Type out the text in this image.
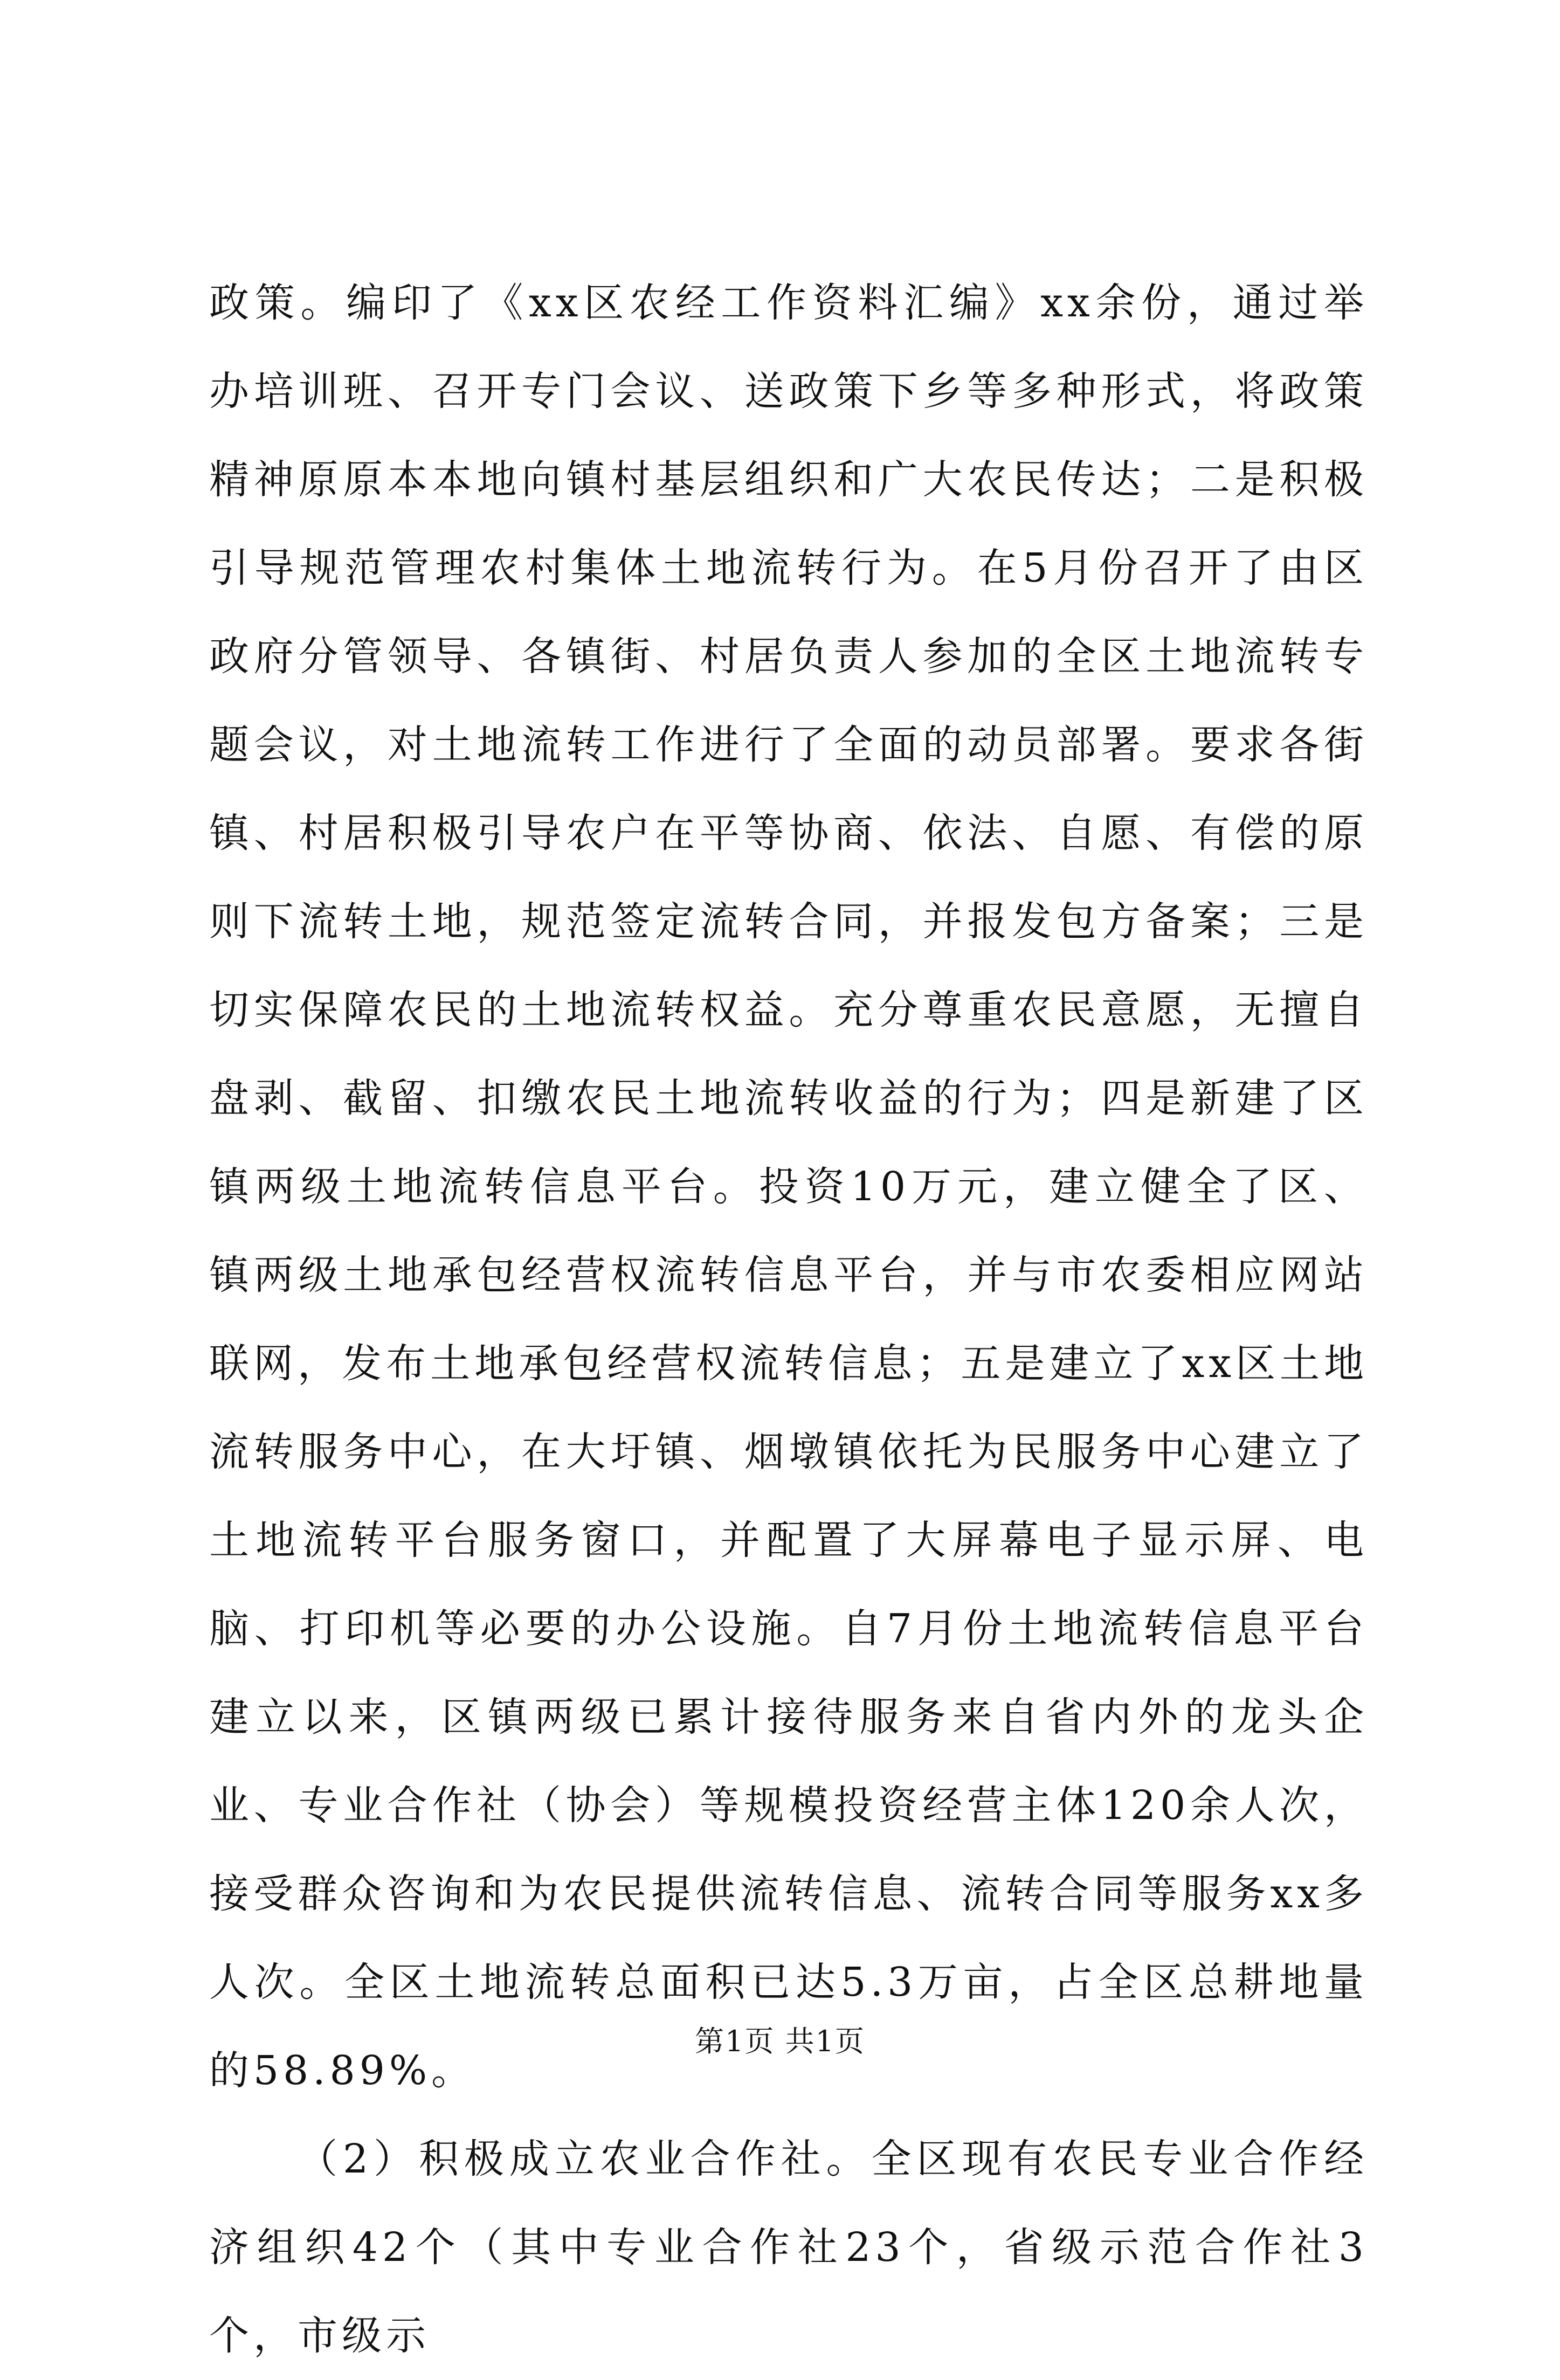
政策。编印了《xx区农经工作资料汇编》xx余份，通过举办培训班、召开专门会议、送政策下乡等多种形式，将政策精神原原本本地向镇村基层组织和广大农民传达；二是积极引导规范管理农村集体土地流转行为。在5月份召开了由区政府分管领导、各镇街、村居负责人参加的全区土地流转专题会议，对土地流转工作进行了全面的动员部署。要求各街镇、村居积极引导农户在平等协商、依法、自愿、有偿的原则下流转土地，规范签定流转合同，并报发包方备案；三是切实保障农民的土地流转权益。充分尊重农民意愿，无擅自盘剥、截留、扣缴农民土地流转收益的行为；四是新建了区镇两级土地流转信息平台。投资10万元，建立健全了区、镇两级土地承包经营权流转信息平台，并与市农委相应网站联网，发布土地承包经营权流转信息；五是建立了xx区土地流转服务中心，在大圩镇、烟墩镇依托为民服务中心建立了土地流转平台服务窗口，并配置了大屏幕电子显示屏、电脑、打印机等必要的办公设施。自7月份土地流转信息平台建立以来，区镇两级已累计接待服务来自省内外的龙头企业、专业合作社（协会）等规模投资经营主体120余人次，接受群众咨询和为农民提供流转信息、流转合同等服务xx多人次。全区土地流转总面积已达5.3万亩，占全区总耕地量的58.89%。

（2）积极成立农业合作社。全区现有农民专业合作经济组织42个（其中专业合作社23个，省级示范合作社3个，市级示

第1页 共1页
